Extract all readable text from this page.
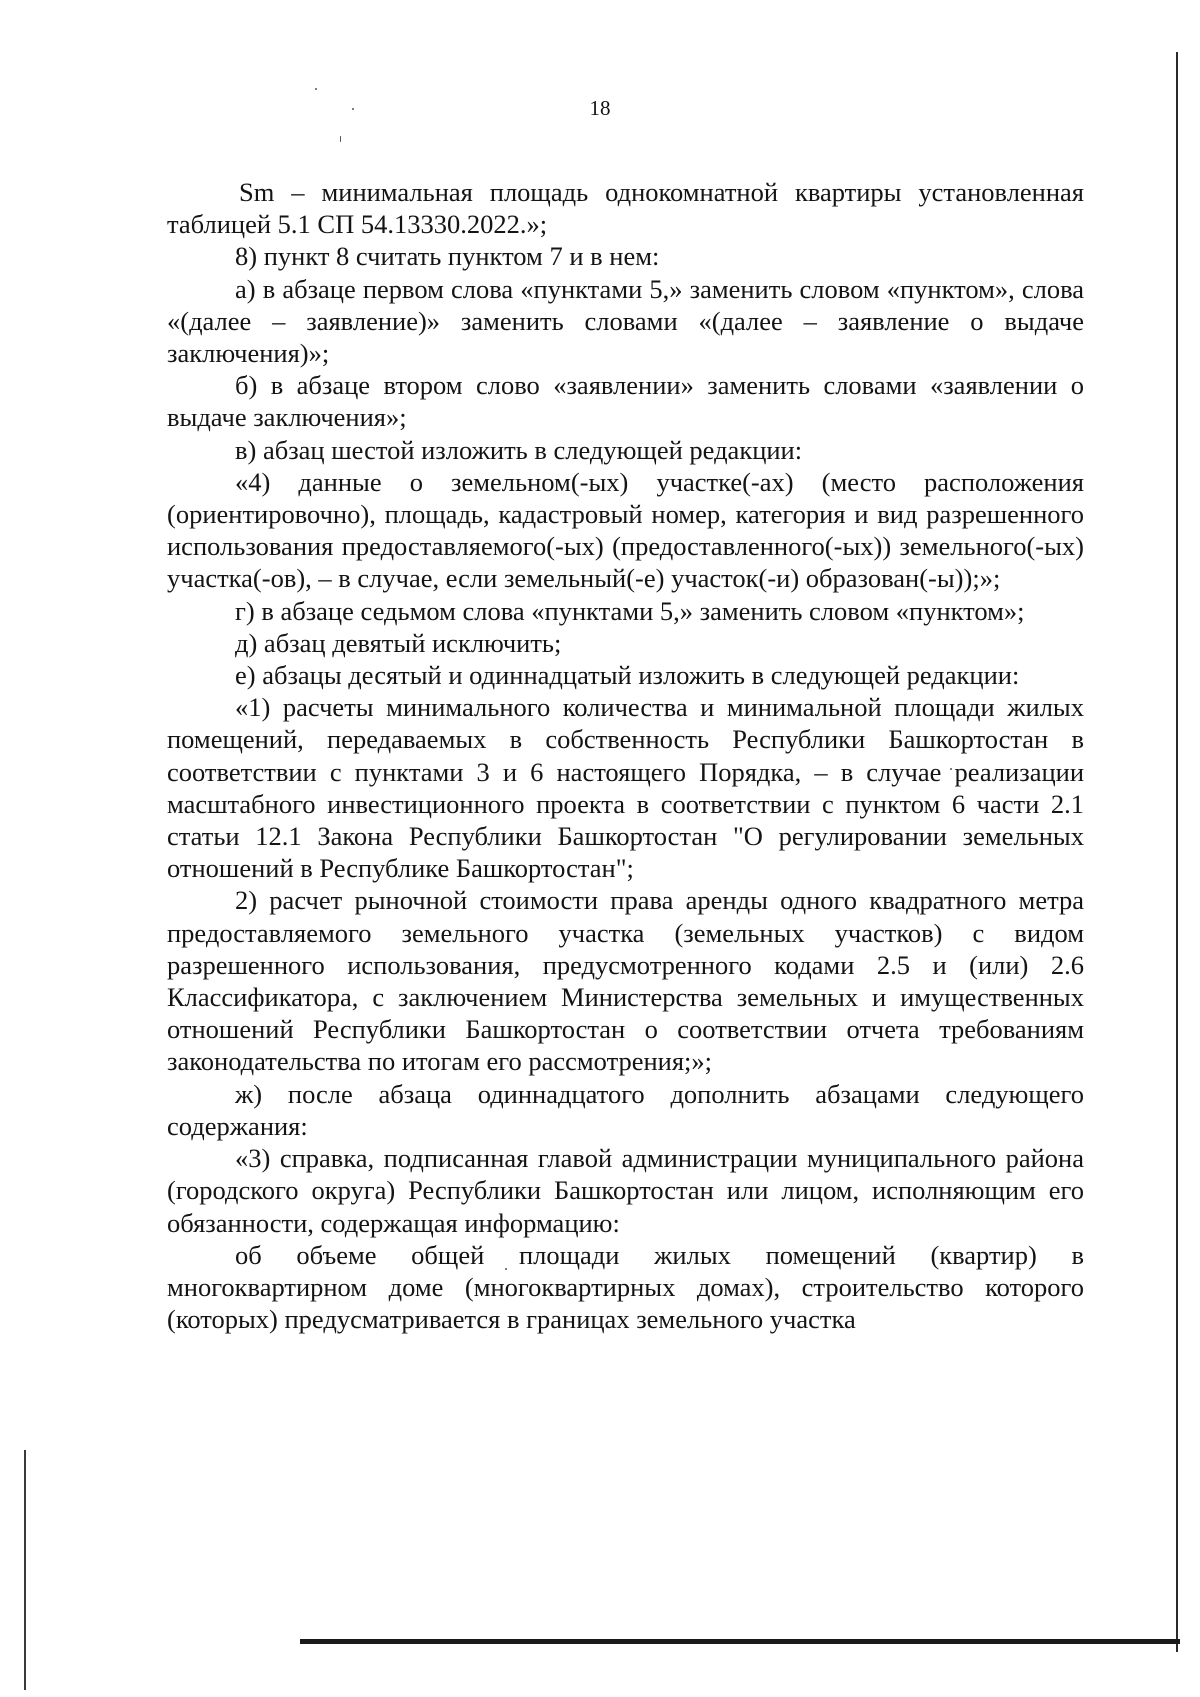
18

Sm – минимальная площадь однокомнатной квартиры установленная таблицей 5.1 СП 54.13330.2022.»;

8) пункт 8 считать пунктом 7 и в нем:

а) в абзаце первом слова «пунктами 5,» заменить словом «пунктом», слова «(далее – заявление)» заменить словами «(далее – заявление о выдаче заключения)»;

б) в абзаце втором слово «заявлении» заменить словами «заявлении о выдаче заключения»;

в) абзац шестой изложить в следующей редакции:

«4) данные о земельном(-ых) участке(-ах) (место расположения (ориентировочно), площадь, кадастровый номер, категория и вид разрешенного использования предоставляемого(-ых) (предоставленного(-ых)) земельного(-ых) участка(-ов), – в случае, если земельный(-е) участок(-и) образован(-ы));»;

г) в абзаце седьмом слова «пунктами 5,» заменить словом «пунктом»;

д) абзац девятый исключить;

е) абзацы десятый и одиннадцатый изложить в следующей редакции:

«1) расчеты минимального количества и минимальной площади жилых помещений, передаваемых в собственность Республики Башкортостан в соответствии с пунктами 3 и 6 настоящего Порядка, – в случае реализации масштабного инвестиционного проекта в соответствии с пунктом 6 части 2.1 статьи 12.1 Закона Республики Башкортостан "О регулировании земельных отношений в Республике Башкортостан";

2) расчет рыночной стоимости права аренды одного квадратного метра предоставляемого земельного участка (земельных участков) с видом разрешенного использования, предусмотренного кодами 2.5 и (или) 2.6 Классификатора, с заключением Министерства земельных и имущественных отношений Республики Башкортостан о соответствии отчета требованиям законодательства по итогам его рассмотрения;»;

ж) после абзаца одиннадцатого дополнить абзацами следующего содержания:

«3) справка, подписанная главой администрации муниципального района (городского округа) Республики Башкортостан или лицом, исполняющим его обязанности, содержащая информацию:

об объеме общей площади жилых помещений (квартир) в многоквартирном доме (многоквартирных домах), строительство которого (которых) предусматривается в границах земельного участка
